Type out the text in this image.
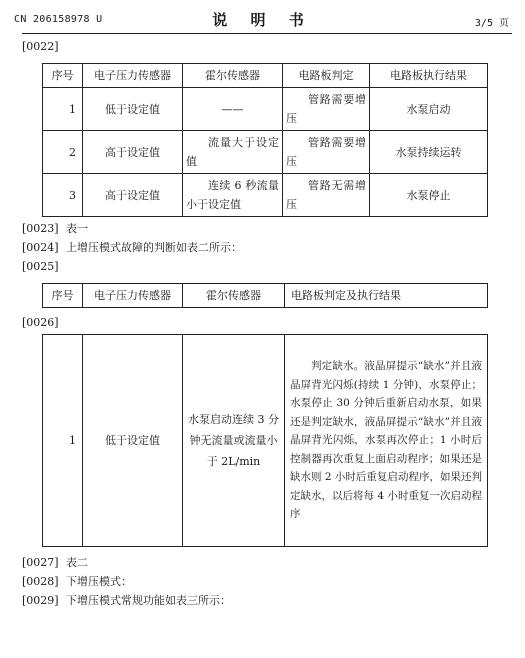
CN 206158978 U	说 明 书	3/5 页
[0022]
序号	电子压力传感器	霍尔传感器	电路板判定	电路板执行结果
1	低于设定值	——	管路需要增压	水泵启动
2	高于设定值	流量大于设定值	管路需要增压	水泵持续运转
3	高于设定值	连续 6 秒流量小于设定值	管路无需增压	水泵停止
[0023] 表一
[0024] 上增压模式故障的判断如表二所示：
[0025]
序号	电子压力传感器	霍尔传感器	电路板判定及执行结果
[0026]
1	低于设定值	水泵启动连续 3 分钟无流量或流量小于 2L/min	判定缺水。液晶屏提示“缺水”并且液晶屏背光闪烁(持续 1 分钟)，水泵停止；水泵停止 30 分钟后重新启动水泵，如果还是判定缺水，液晶屏提示“缺水”并且液晶屏背光闪烁，水泵再次停止；1 小时后控制器再次重复上面启动程序；如果还是缺水则 2 小时后重复启动程序，如果还判定缺水，以后将每 4 小时重复一次启动程序
[0027] 表二
[0028] 下增压模式：
[0029] 下增压模式常规功能如表三所示：
